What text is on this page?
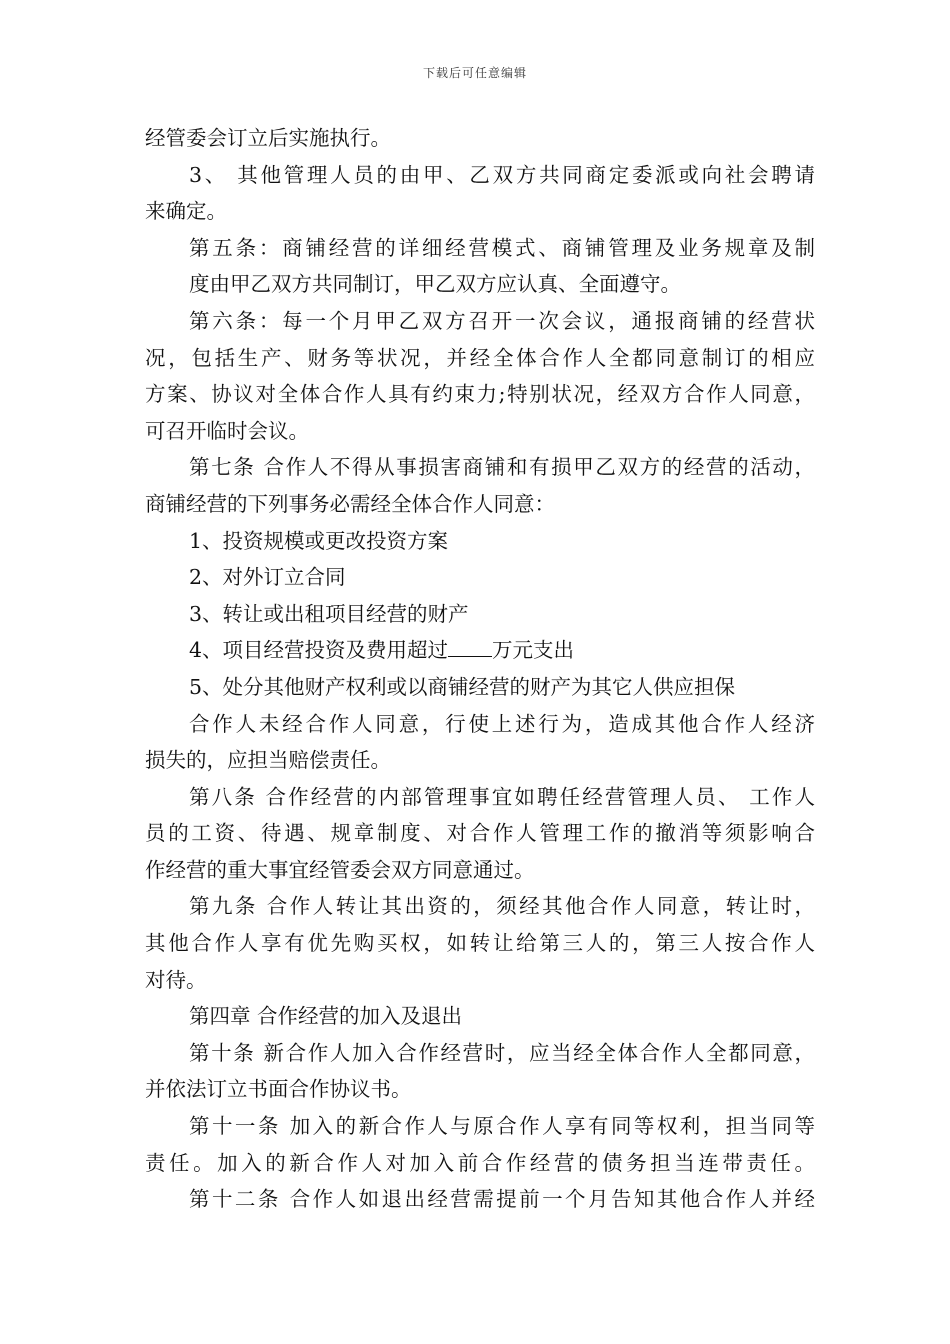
下载后可任意编辑
经管委会订立后实施执行。
3、 其他管理人员的由甲、乙双方共同商定委派或向社会聘请
来确定。
第五条：商铺经营的详细经营模式、商铺管理及业务规章及制
度由甲乙双方共同制订，甲乙双方应认真、全面遵守。
第六条：每一个月甲乙双方召开一次会议，通报商铺的经营状
况，包括生产、财务等状况，并经全体合作人全都同意制订的相应
方案、协议对全体合作人具有约束力;特别状况，经双方合作人同意，
可召开临时会议。
第七条 合作人不得从事损害商铺和有损甲乙双方的经营的活动，
商铺经营的下列事务必需经全体合作人同意：
1、投资规模或更改投资方案
2、对外订立合同
3、转让或出租项目经营的财产
4、项目经营投资及费用超过 万元支出
5、处分其他财产权利或以商铺经营的财产为其它人供应担保
合作人未经合作人同意，行使上述行为，造成其他合作人经济
损失的，应担当赔偿责任。
第八条 合作经营的内部管理事宜如聘任经营管理人员、 工作人
员的工资、待遇、规章制度、对合作人管理工作的撤消等须影响合
作经营的重大事宜经管委会双方同意通过。
第九条 合作人转让其出资的，须经其他合作人同意，转让时，
其他合作人享有优先购买权，如转让给第三人的，第三人按合作人
对待。
第四章 合作经营的加入及退出
第十条 新合作人加入合作经营时，应当经全体合作人全都同意，
并依法订立书面合作协议书。
第十一条 加入的新合作人与原合作人享有同等权利，担当同等
责任。加入的新合作人对加入前合作经营的债务担当连带责任。
第十二条 合作人如退出经营需提前一个月告知其他合作人并经
